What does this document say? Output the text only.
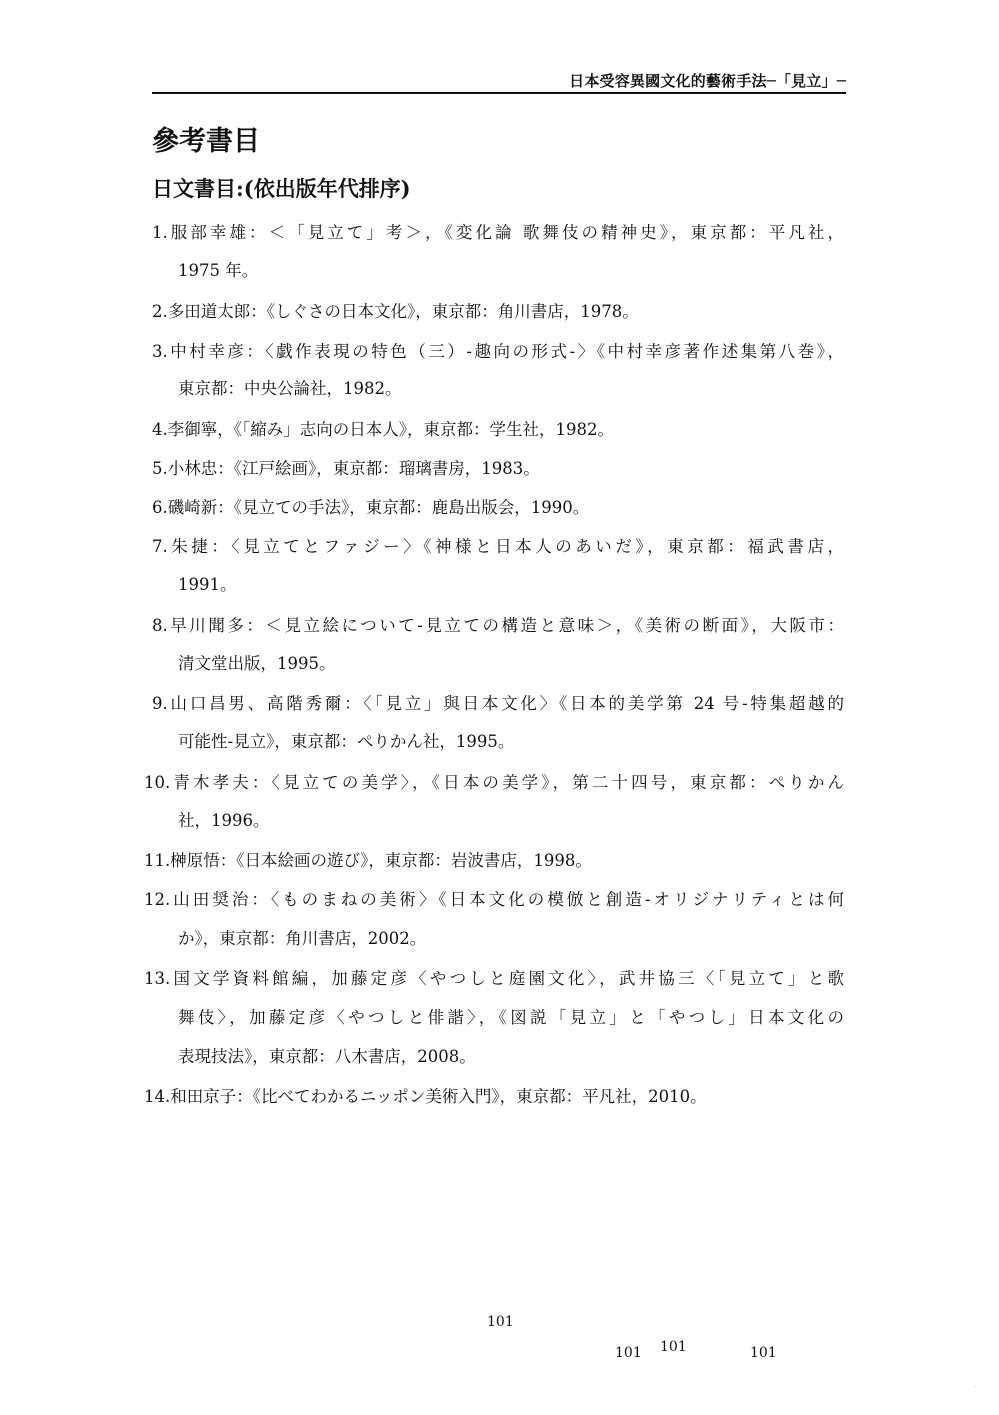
日本受容異國文化的藝術手法─「見立」─
參考書目
日文書目:(依出版年代排序)
1.服部幸雄：＜「見立て」考＞，《変化論 歌舞伎の精神史》，東京都：平凡社，
1975 年。
2.多田道太郎：《しぐさの日本文化》，東京都：角川書店，1978。
3.中村幸彦：〈戯作表現の特色（三）-趣向の形式-〉《中村幸彦著作述集第八巻》，
東京都：中央公論社，1982。
4.李御寧，《「縮み」志向の日本人》，東京都：学生社，1982。
5.小林忠：《江戸絵画》，東京都：瑠璃書房，1983。
6.磯崎新：《見立ての手法》，東京都：鹿島出版会，1990。
7.朱捷：〈見立てとファジー〉《神様と日本人のあいだ》，東京都：福武書店，
1991。
8.早川聞多：＜見立絵について-見立ての構造と意味＞，《美術の断面》，大阪市：
清文堂出版，1995。
9.山口昌男、高階秀爾：〈「見立」與日本文化〉《日本的美学第 24 号-特集超越的
可能性-見立》，東京都：ぺりかん社，1995。
10.青木孝夫：〈見立ての美学〉，《日本の美学》，第二十四号，東京都：ぺりかん
社，1996。
11.榊原悟：《日本絵画の遊び》，東京都：岩波書店，1998。
12.山田奨治：〈ものまねの美術〉《日本文化の模倣と創造-オリジナリティとは何
か》，東京都：角川書店，2002。
13.国文学資料館編，加藤定彦〈やつしと庭園文化〉，武井協三〈「見立て」と歌
舞伎〉，加藤定彦〈やつしと俳諧〉，《図説「見立」と「やつし」日本文化の
表現技法》，東京都：八木書店，2008。
14.和田京子：《比べてわかるニッポン美術入門》，東京都：平凡社，2010。
101
101 101	101
·
